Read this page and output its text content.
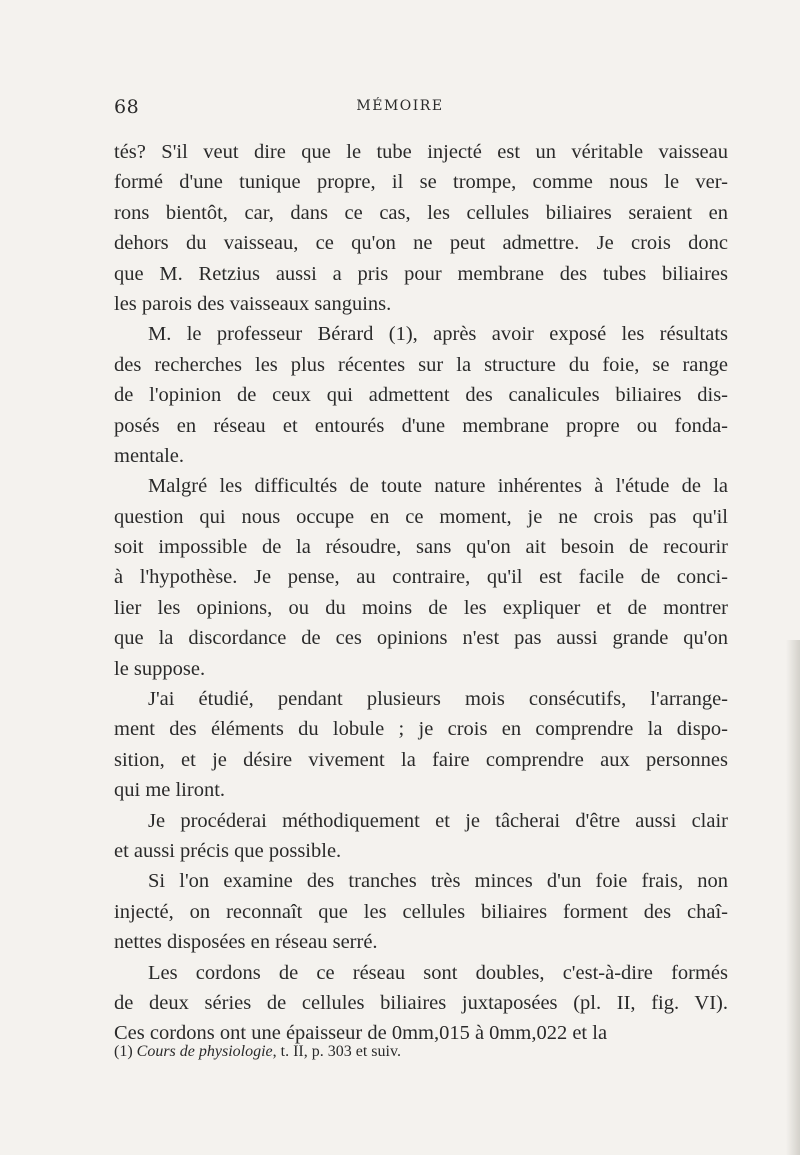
68	MÉMOIRE
tés? S'il veut dire que le tube injecté est un véritable vaisseau
formé d'une tunique propre, il se trompe, comme nous le ver-
rons bientôt, car, dans ce cas, les cellules biliaires seraient en
dehors du vaisseau, ce qu'on ne peut admettre. Je crois donc
que M. Retzius aussi a pris pour membrane des tubes biliaires
les parois des vaisseaux sanguins.
M. le professeur Bérard (1), après avoir exposé les résultats
des recherches les plus récentes sur la structure du foie, se range
de l'opinion de ceux qui admettent des canalicules biliaires dis-
posés en réseau et entourés d'une membrane propre ou fonda-
mentale.
Malgré les difficultés de toute nature inhérentes à l'étude de la
question qui nous occupe en ce moment, je ne crois pas qu'il
soit impossible de la résoudre, sans qu'on ait besoin de recourir
à l'hypothèse. Je pense, au contraire, qu'il est facile de conci-
lier les opinions, ou du moins de les expliquer et de montrer
que la discordance de ces opinions n'est pas aussi grande qu'on
le suppose.
J'ai étudié, pendant plusieurs mois consécutifs, l'arrange-
ment des éléments du lobule ; je crois en comprendre la dispo-
sition, et je désire vivement la faire comprendre aux personnes
qui me liront.
Je procéderai méthodiquement et je tâcherai d'être aussi clair
et aussi précis que possible.
Si l'on examine des tranches très minces d'un foie frais, non
injecté, on reconnaît que les cellules biliaires forment des chaî-
nettes disposées en réseau serré.
Les cordons de ce réseau sont doubles, c'est-à-dire formés
de deux séries de cellules biliaires juxtaposées (pl. II, fig. VI).
Ces cordons ont une épaisseur de 0mm,015 à 0mm,022 et la
(1) Cours de physiologie, t. II, p. 303 et suiv.
